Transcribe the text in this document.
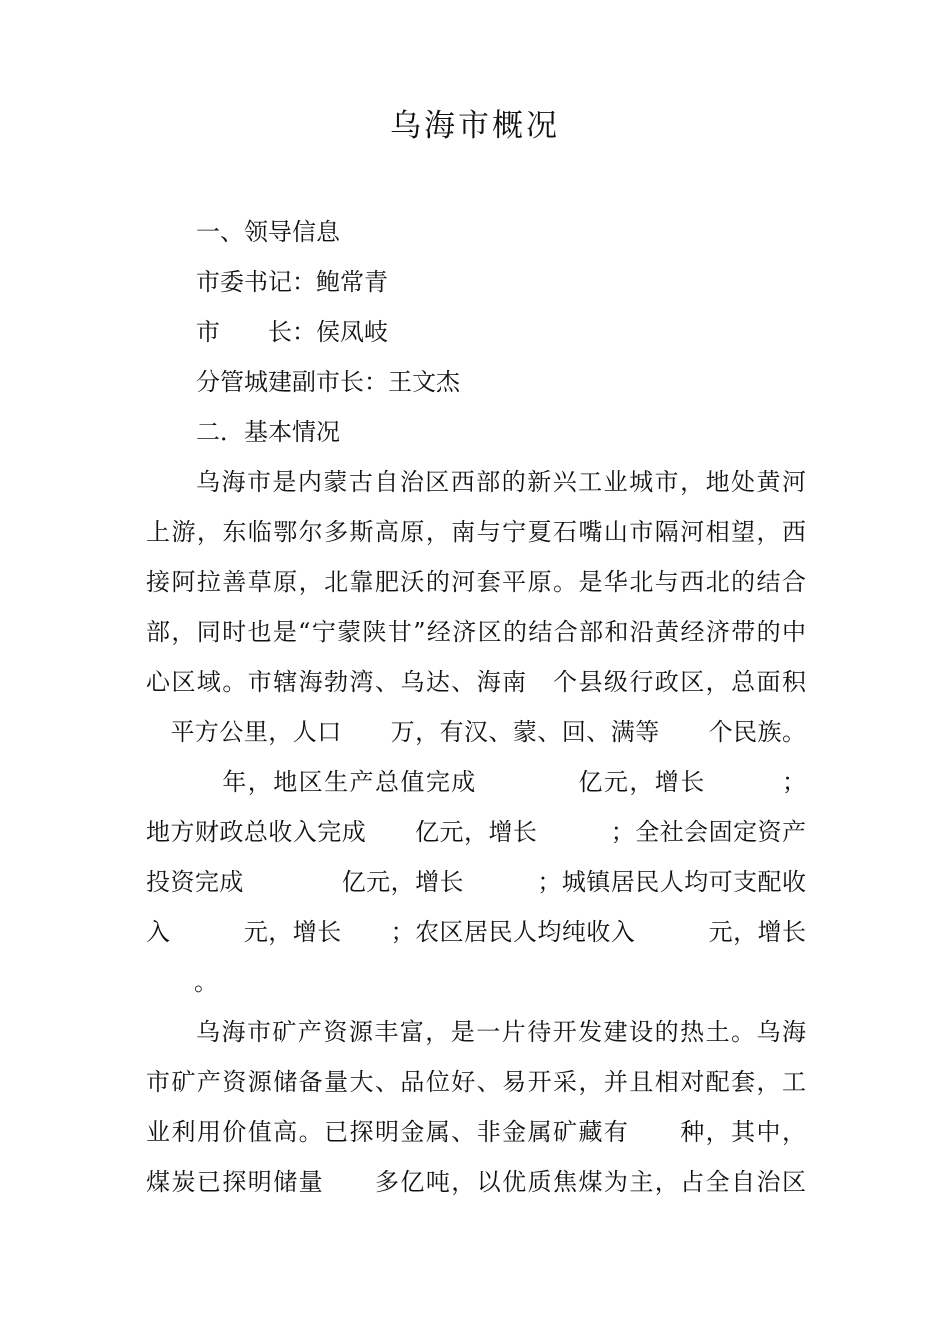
乌海市概况
一、领导信息
市委书记：鲍常青
市　　长：侯凤岐
分管城建副市长：王文杰
二．基本情况
乌海市是内蒙古自治区西部的新兴工业城市，地处黄河
上游，东临鄂尔多斯高原，南与宁夏石嘴山市隔河相望，西
接阿拉善草原，北靠肥沃的河套平原。是华北与西北的结合
部，同时也是“宁蒙陕甘”经济区的结合部和沿黄经济带的中
心区域。市辖海勃湾、乌达、海南　个县级行政区，总面积
　平方公里，人口　　万，有汉、蒙、回、满等　　个民族。
　　　年，地区生产总值完成　　　　亿元，增长　　　；
地方财政总收入完成　　亿元，增长　　　；全社会固定资产
投资完成　　　　亿元，增长　　　；城镇居民人均可支配收
入　　　元，增长　　；农区居民人均纯收入　　　元，增长
　　。
乌海市矿产资源丰富，是一片待开发建设的热土。乌海
市矿产资源储备量大、品位好、易开采，并且相对配套，工
业利用价值高。已探明金属、非金属矿藏有　　种，其中，
煤炭已探明储量　　多亿吨，以优质焦煤为主，占全自治区
